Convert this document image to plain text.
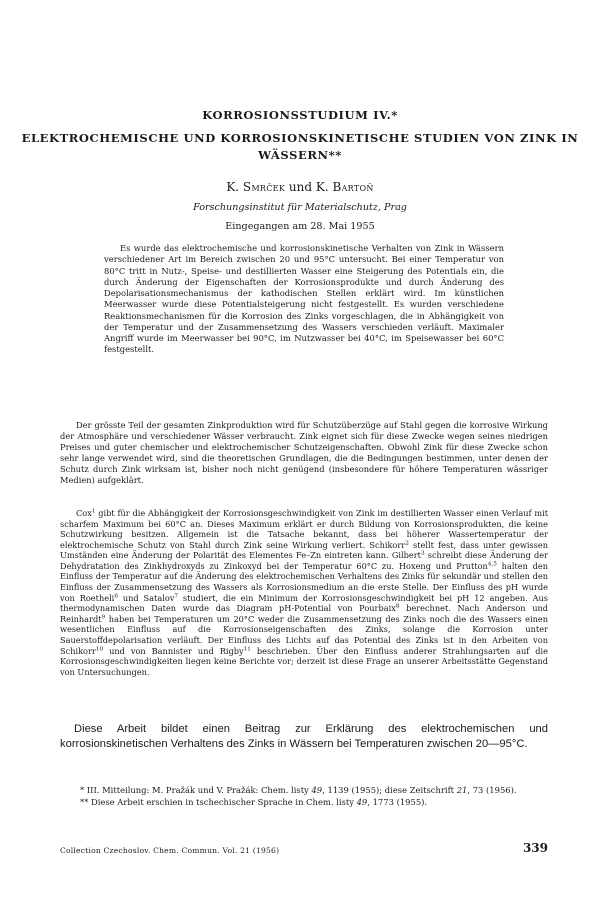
KORROSIONSSTUDIUM IV.*

ELEKTROCHEMISCHE UND KORROSIONSKINETISCHE STUDIEN VON ZINK IN WÄSSERN**

K. Smrček und K. Bartoň

Forschungsinstitut für Materialschutz, Prag

Eingegangen am 28. Mai 1955

Es wurde das elektrochemische und korrosionskinetische Verhalten von Zink in Wässern verschiedener Art im Bereich zwischen 20 und 95°C untersucht. Bei einer Temperatur von 80°C tritt in Nutz-, Speise- und destillierten Wasser eine Steigerung des Potentials ein, die durch Änderung der Eigenschaften der Korrosionsprodukte und durch Änderung des Depolarisationsmechanismus der kathodischen Stellen erklärt wird. Im künstlichen Meerwasser wurde diese Potentialsteigerung nicht festgestellt. Es wurden verschiedene Reaktionsmechanismen für die Korrosion des Zinks vorgeschlagen, die in Abhängigkeit von der Temperatur und der Zusammensetzung des Wassers verschieden verläuft. Maximaler Angriff wurde im Meerwasser bei 90°C, im Nutzwasser bei 40°C, im Speisewasser bei 60°C festgestellt.

Der grösste Teil der gesamten Zinkproduktion wird für Schutzüberzüge auf Stahl gegen die korrosive Wirkung der Atmosphäre und verschiedener Wässer verbraucht. Zink eignet sich für diese Zwecke wegen seines niedrigen Preises und guter chemischer und elektrochemischer Schutzeigenschaften. Obwohl Zink für diese Zwecke schon sehr lange verwendet wird, sind die theoretischen Grundlagen, die die Bedingungen bestimmen, unter denen der Schutz durch Zink wirksam ist, bisher noch nicht genügend (insbesondere für höhere Temperaturen wässriger Medien) aufgeklärt.

Cox$^1$ gibt für die Abhängigkeit der Korrosionsgeschwindigkeit von Zink im destillierten Wasser einen Verlauf mit scharfem Maximum bei 60°C an. Dieses Maximum erklärt er durch Bildung von Korrosionsprodukten, die keine Schutzwirkung besitzen. Allgemein ist die Tatsache bekannt, dass bei höherer Wassertemperatur der elektrochemische Schutz von Stahl durch Zink seine Wirkung verliert. Schikorr$^2$ stellt fest, dass unter gewissen Umständen eine Änderung der Polarität des Elementes Fe–Zn eintreten kann. Gilbert$^3$ schreibt diese Änderung der Dehydratation des Zinkhydroxyds zu Zinkoxyd bei der Temperatur 60°C zu. Hoxeng und Prutton$^{4,5}$ halten den Einfluss der Temperatur auf die Änderung des elektrochemischen Verhaltens des Zinks für sekundär und stellen den Einfluss der Zusammensetzung des Wassers als Korrosionsmedium an die erste Stelle. Der Einfluss des pH wurde von Roetheli$^6$ und Satalov$^7$ studiert, die ein Minimum der Korrosionsgeschwindigkeit bei pH 12 angeben. Aus thermodynamischen Daten wurde das Diagram pH-Potential von Pourbaix$^8$ berechnet. Nach Anderson und Reinhardt$^9$ haben bei Temperaturen um 20°C weder die Zusammensetzung des Zinks noch die des Wassers einen wesentlichen Einfluss auf die Korrosionseigenschaften des Zinks, solange die Korrosion unter Sauerstoffdepolarisation verläuft. Der Einfluss des Lichts auf das Potential des Zinks ist in den Arbeiten von Schikorr$^{10}$ und von Bannister und Rigby$^{11}$ beschrieben. Über den Einfluss anderer Strahlungsarten auf die Korrosionsgeschwindigkeiten liegen keine Berichte vor; derzeit ist diese Frage an unserer Arbeitsstätte Gegenstand von Untersuchungen.

Diese Arbeit bildet einen Beitrag zur Erklärung des elektrochemischen und korrosionskinetischen Verhaltens des Zinks in Wässern bei Temperaturen zwischen 20—95°C.

* III. Mitteilung: M. Pražák und V. Pražák: Chem. listy 49, 1139 (1955); diese Zeitschrift 21, 73 (1956).

** Diese Arbeit erschien in tschechischer Sprache in Chem. listy 49, 1773 (1955).

Collection Czechoslov. Chem. Commun. Vol. 21 (1956)	339
